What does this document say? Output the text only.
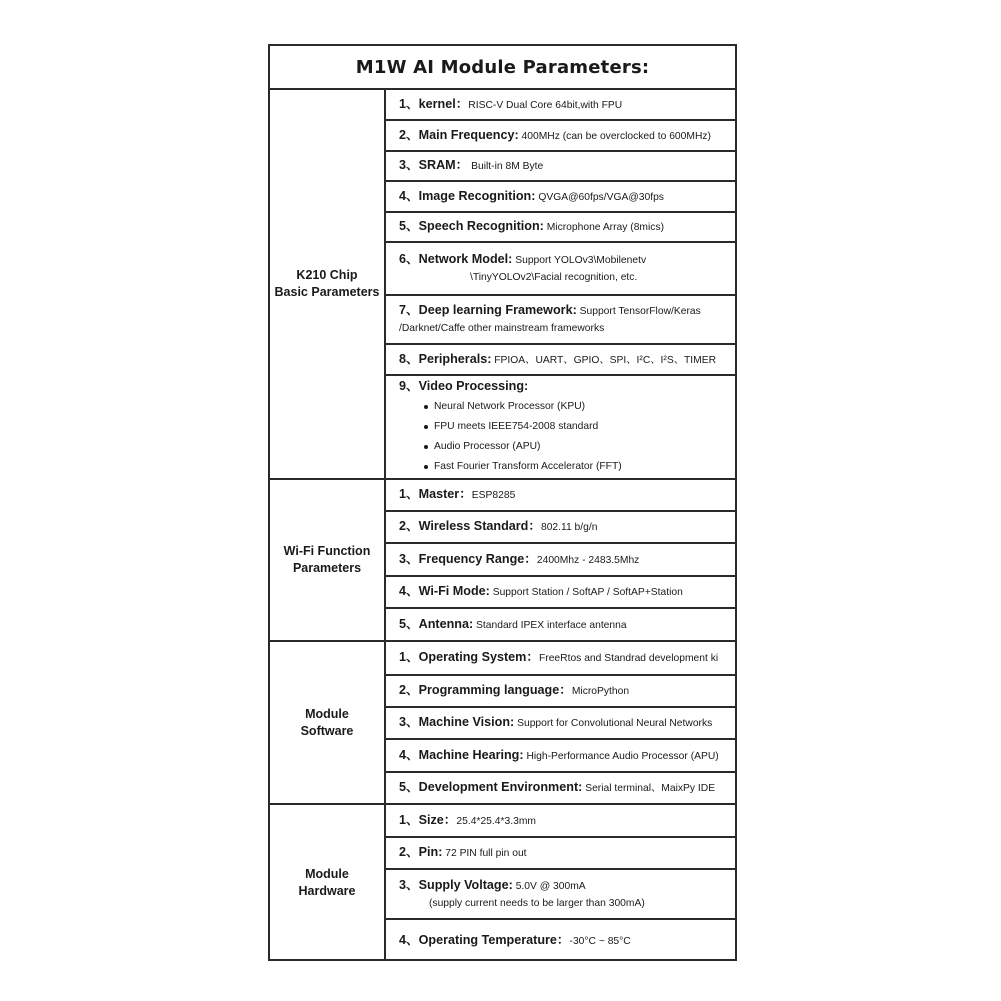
M1W AI Module Parameters:
K210 Chip
Basic Parameters
1、kernel：RISC-V Dual Core 64bit,with FPU
2、Main Frequency: 400MHz (can be overclocked to 600MHz)
3、SRAM： Built-in 8M Byte
4、Image Recognition: QVGA@60fps/VGA@30fps
5、Speech Recognition: Microphone Array (8mics)
6、Network Model: Support YOLOv3\Mobilenetv
\TinyYOLOv2\Facial recognition, etc.
7、Deep learning Framework: Support TensorFlow/Keras
/Darknet/Caffe other mainstream frameworks
8、Peripherals: FPIOA、UART、GPIO、SPI、I²C、I²S、TIMER
9、Video Processing:
Neural Network Processor (KPU)
FPU meets IEEE754-2008 standard
Audio Processor (APU)
Fast Fourier Transform Accelerator (FFT)
Wi-Fi Function
Parameters
1、Master：ESP8285
2、Wireless Standard：802.11 b/g/n
3、Frequency Range：2400Mhz - 2483.5Mhz
4、Wi-Fi Mode: Support Station / SoftAP / SoftAP+Station
5、Antenna: Standard IPEX interface antenna
Module
Software
1、Operating System：FreeRtos and Standrad development ki
2、Programming language：MicroPython
3、Machine Vision: Support for Convolutional Neural Networks
4、Machine Hearing: High-Performance Audio Processor (APU)
5、Development Environment: Serial terminal、MaixPy IDE
Module
Hardware
1、Size：25.4*25.4*3.3mm
2、Pin: 72 PIN full pin out
3、Supply Voltage: 5.0V @ 300mA
(supply current needs to be larger than 300mA)
4、Operating Temperature：-30°C ~ 85°C
